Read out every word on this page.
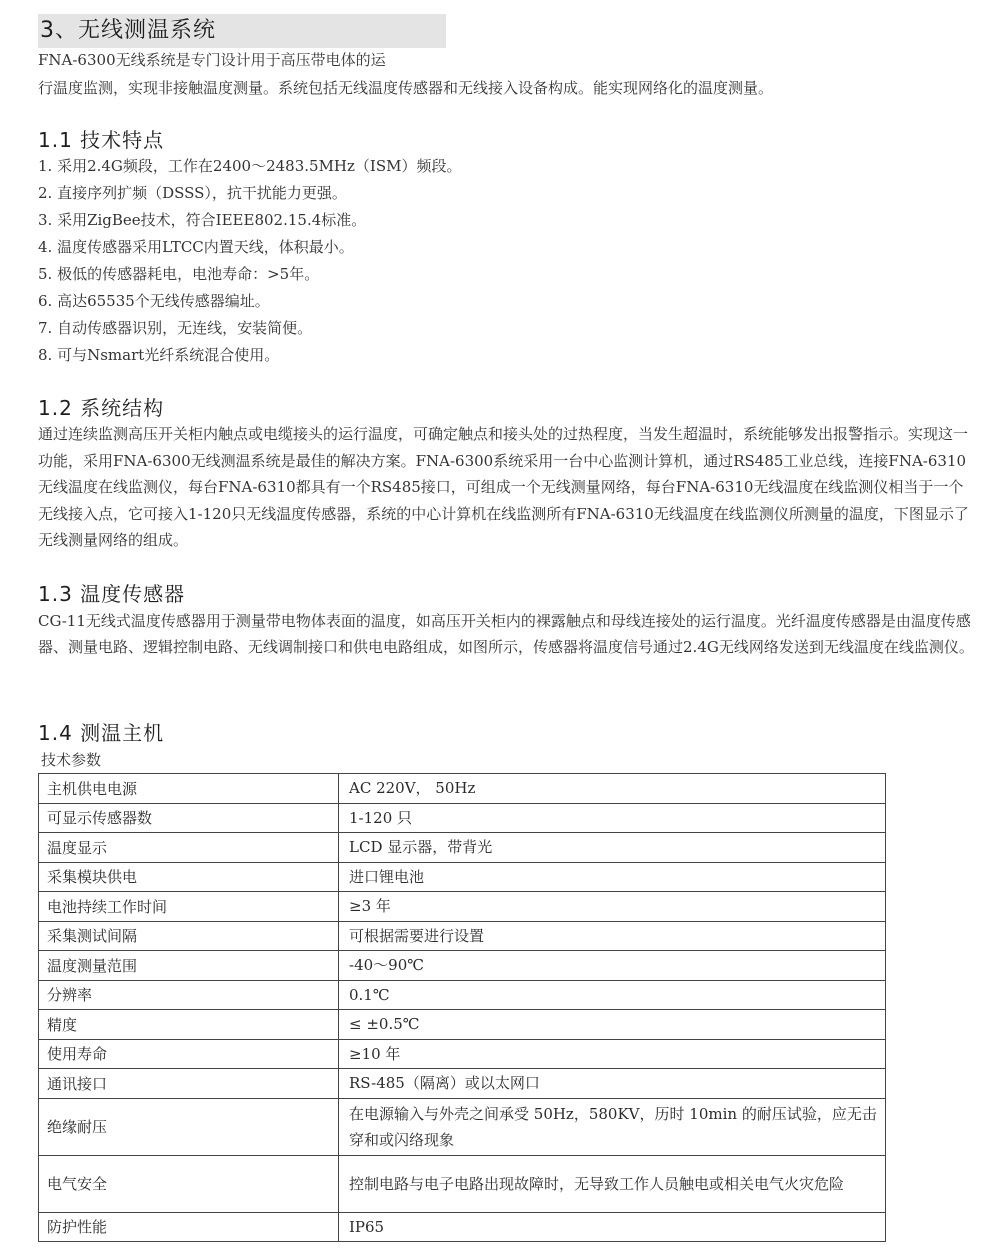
3、无线测温系统

FNA-6300无线系统是专门设计用于高压带电体的运

行温度监测，实现非接触温度测量。系统包括无线温度传感器和无线接入设备构成。能实现网络化的温度测量。

1.1 技术特点
1. 采用2.4G频段，工作在2400～2483.5MHz（ISM）频段。
2. 直接序列扩频（DSSS），抗干扰能力更强。
3. 采用ZigBee技术，符合IEEE802.15.4标准。
4. 温度传感器采用LTCC内置天线，体积最小。
5. 极低的传感器耗电，电池寿命：>5年。
6. 高达65535个无线传感器编址。
7. 自动传感器识别，无连线，安装简便。
8. 可与Nsmart光纤系统混合使用。
1.2 系统结构

通过连续监测高压开关柜内触点或电缆接头的运行温度，可确定触点和接头处的过热程度，当发生超温时，系统能够发出报警指示。实现这一功能，采用FNA-6300无线测温系统是最佳的解决方案。FNA-6300系统采用一台中心监测计算机，通过RS485工业总线，连接FNA-6310无线温度在线监测仪，每台FNA-6310都具有一个RS485接口，可组成一个无线测量网络，每台FNA-6310无线温度在线监测仪相当于一个无线接入点，它可接入1-120只无线温度传感器，系统的中心计算机在线监测所有FNA-6310无线温度在线监测仪所测量的温度，下图显示了无线测量网络的组成。

1.3 温度传感器

CG-11无线式温度传感器用于测量带电物体表面的温度，如高压开关柜内的裸露触点和母线连接处的运行温度。光纤温度传感器是由温度传感器、测量电路、逻辑控制电路、无线调制接口和供电电路组成，如图所示，传感器将温度信号通过2.4G无线网络发送到无线温度在线监测仪。

1.4 测温主机

技术参数

主机供电电源	AC 220V， 50Hz
可显示传感器数	1-120 只
温度显示	LCD 显示器，带背光
采集模块供电	进口锂电池
电池持续工作时间	≥3 年
采集测试间隔	可根据需要进行设置
温度测量范围	-40～90℃
分辨率	0.1℃
精度	≤ ±0.5℃
使用寿命	≥10 年
通讯接口	RS-485（隔离）或以太网口
绝缘耐压	在电源输入与外壳之间承受 50Hz，580KV，历时 10min 的耐压试验，应无击穿和或闪络现象
电气安全	控制电路与电子电路出现故障时，无导致工作人员触电或相关电气火灾危险
防护性能	IP65
